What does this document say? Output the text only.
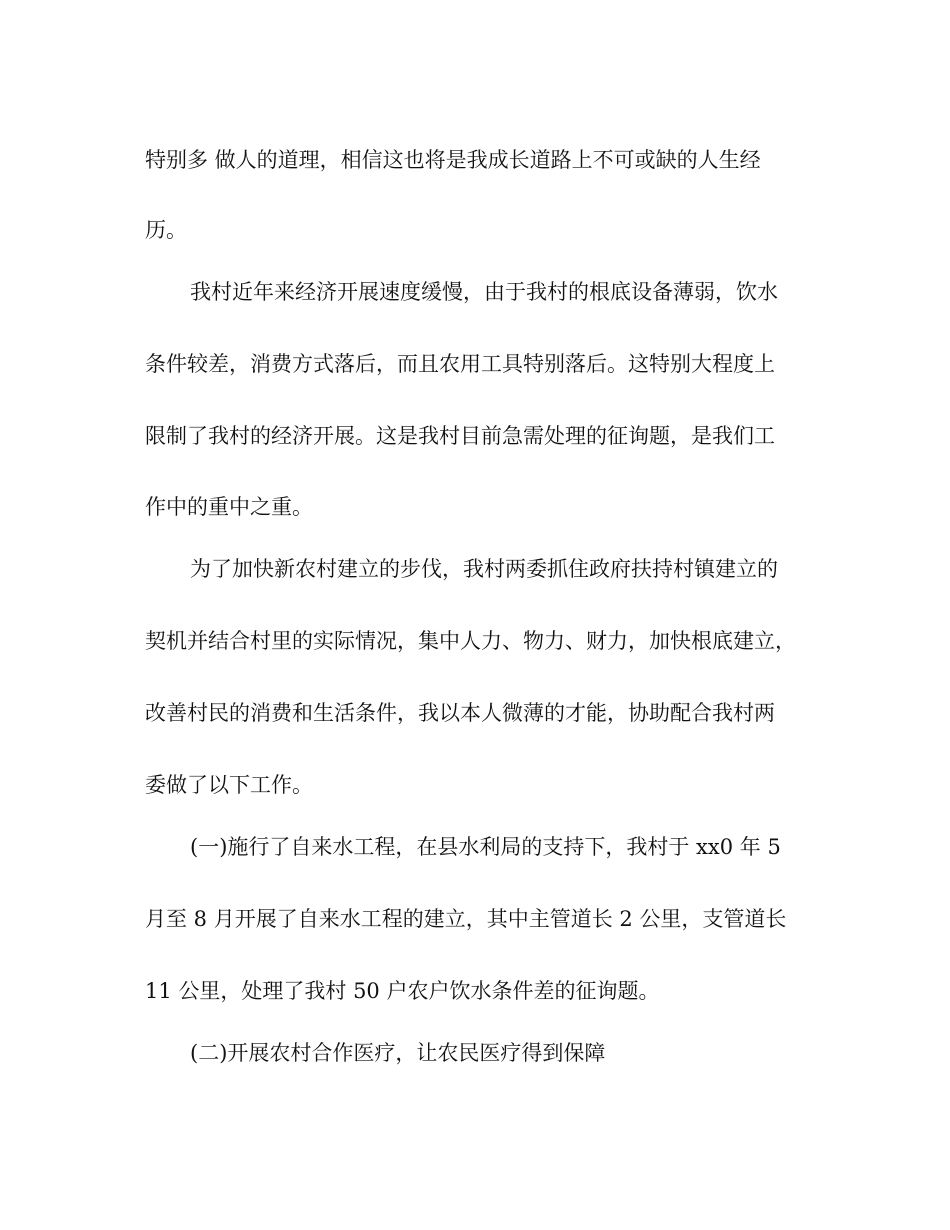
特别多 做人的道理，相信这也将是我成长道路上不可或缺的人生经

历。

我村近年来经济开展速度缓慢，由于我村的根底设备薄弱，饮水

条件较差，消费方式落后，而且农用工具特别落后。这特别大程度上

限制了我村的经济开展。这是我村目前急需处理的征询题，是我们工

作中的重中之重。

为了加快新农村建立的步伐，我村两委抓住政府扶持村镇建立的

契机并结合村里的实际情况，集中人力、物力、财力，加快根底建立，

改善村民的消费和生活条件，我以本人微薄的才能，协助配合我村两

委做了以下工作。

(一)施行了自来水工程，在县水利局的支持下，我村于 xx0 年 5

月至 8 月开展了自来水工程的建立，其中主管道长 2 公里，支管道长

11 公里，处理了我村 50 户农户饮水条件差的征询题。

(二)开展农村合作医疗，让农民医疗得到保障
